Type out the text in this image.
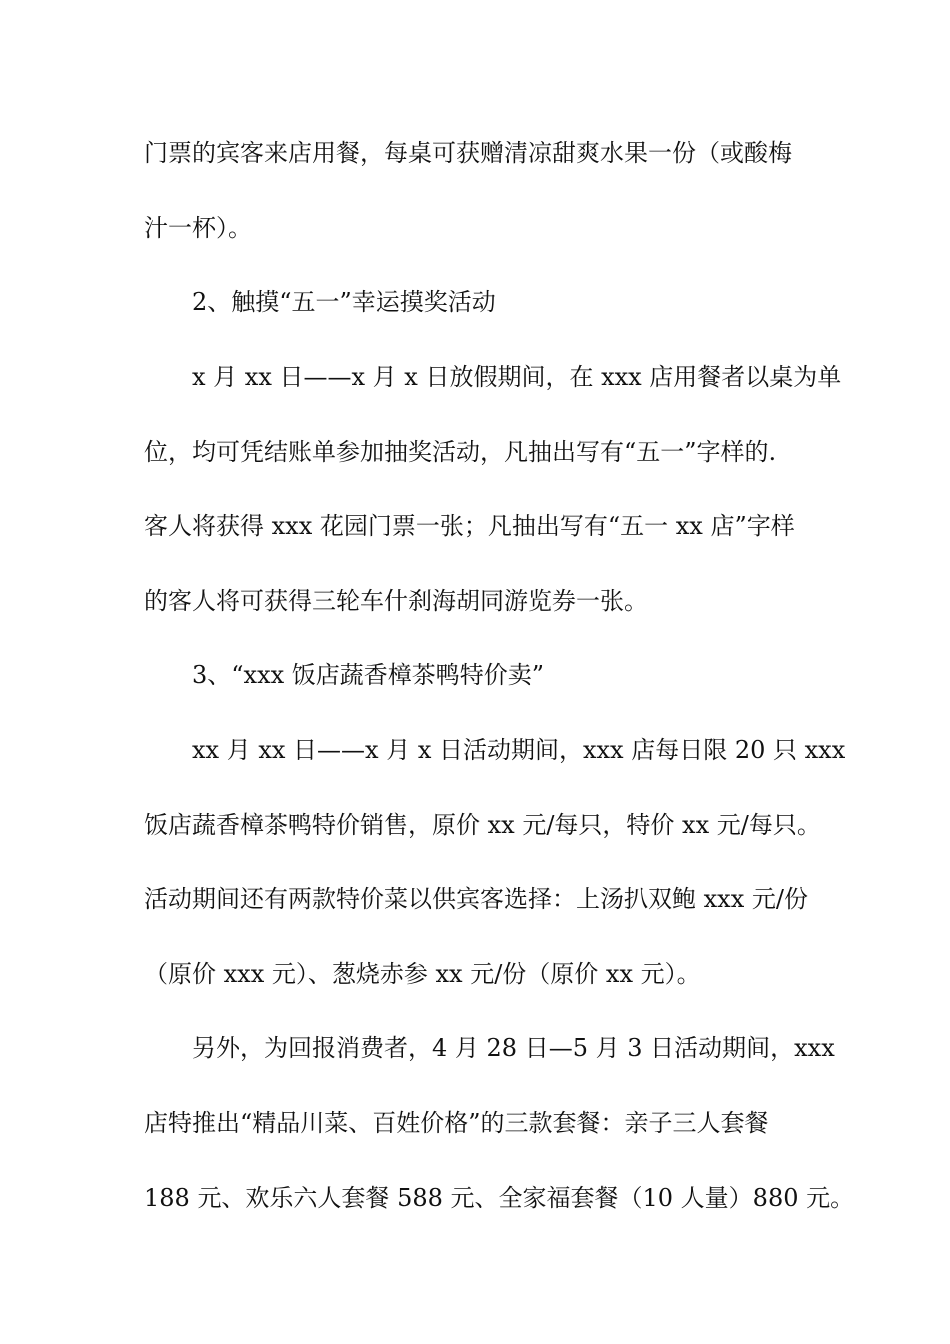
门票的宾客来店用餐，每桌可获赠清凉甜爽水果一份（或酸梅
汁一杯）。
2、触摸“五一”幸运摸奖活动
x 月 xx 日——x 月 x 日放假期间，在 xxx 店用餐者以桌为单
位，均可凭结账单参加抽奖活动，凡抽出写有“五一”字样的.
客人将获得 xxx 花园门票一张；凡抽出写有“五一 xx 店”字样
的客人将可获得三轮车什刹海胡同游览券一张。
3、“xxx 饭店蔬香樟茶鸭特价卖”
xx 月 xx 日——x 月 x 日活动期间，xxx 店每日限 20 只 xxx
饭店蔬香樟茶鸭特价销售，原价 xx 元/每只，特价 xx 元/每只。
活动期间还有两款特价菜以供宾客选择：上汤扒双鲍 xxx 元/份
（原价 xxx 元）、葱烧赤参 xx 元/份（原价 xx 元）。
另外，为回报消费者，4 月 28 日—5 月 3 日活动期间，xxx
店特推出“精品川菜、百姓价格”的三款套餐：亲子三人套餐
188 元、欢乐六人套餐 588 元、全家福套餐（10 人量）880 元。
